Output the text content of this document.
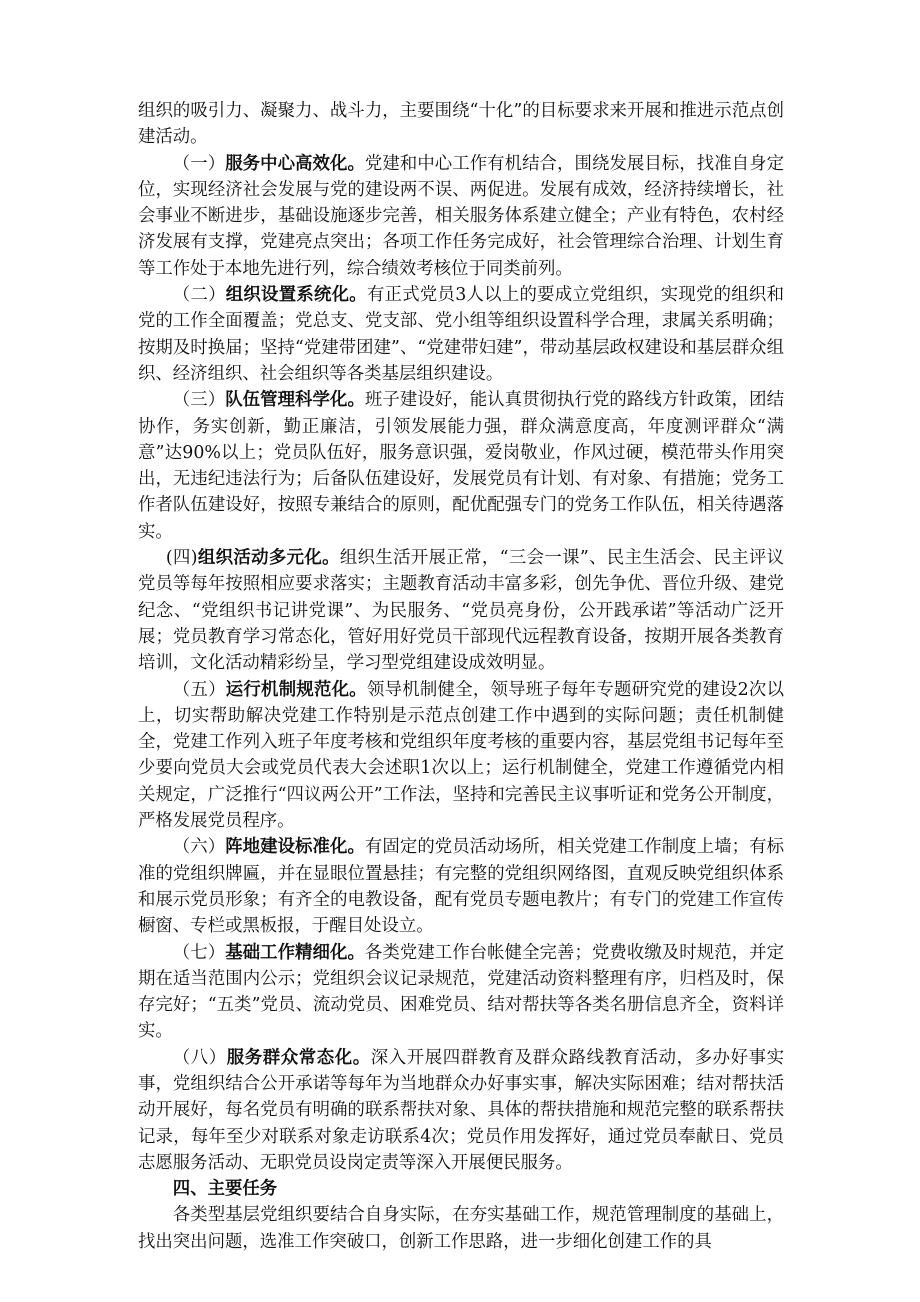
组织的吸引力、凝聚力、战斗力，主要围绕“十化”的目标要求来开展和推进示范点创建活动。

（一）服务中心高效化。党建和中心工作有机结合，围绕发展目标，找准自身定位，实现经济社会发展与党的建设两不误、两促进。发展有成效，经济持续增长，社会事业不断进步，基础设施逐步完善，相关服务体系建立健全；产业有特色，农村经济发展有支撑，党建亮点突出；各项工作任务完成好，社会管理综合治理、计划生育等工作处于本地先进行列，综合绩效考核位于同类前列。

（二）组织设置系统化。有正式党员3人以上的要成立党组织，实现党的组织和党的工作全面覆盖；党总支、党支部、党小组等组织设置科学合理，隶属关系明确；按期及时换届；坚持“党建带团建”、“党建带妇建”，带动基层政权建设和基层群众组织、经济组织、社会组织等各类基层组织建设。

（三）队伍管理科学化。班子建设好，能认真贯彻执行党的路线方针政策，团结协作，务实创新，勤正廉洁，引领发展能力强，群众满意度高，年度测评群众“满意”达90%以上；党员队伍好，服务意识强，爱岗敬业，作风过硬，模范带头作用突出，无违纪违法行为；后备队伍建设好，发展党员有计划、有对象、有措施；党务工作者队伍建设好，按照专兼结合的原则，配优配强专门的党务工作队伍，相关待遇落实。

(四)组织活动多元化。组织生活开展正常，“三会一课”、民主生活会、民主评议党员等每年按照相应要求落实；主题教育活动丰富多彩，创先争优、晋位升级、建党纪念、“党组织书记讲党课”、为民服务、“党员亮身份，公开践承诺”等活动广泛开展；党员教育学习常态化，管好用好党员干部现代远程教育设备，按期开展各类教育培训，文化活动精彩纷呈，学习型党组建设成效明显。

（五）运行机制规范化。领导机制健全，领导班子每年专题研究党的建设2次以上，切实帮助解决党建工作特别是示范点创建工作中遇到的实际问题；责任机制健全，党建工作列入班子年度考核和党组织年度考核的重要内容，基层党组书记每年至少要向党员大会或党员代表大会述职1次以上；运行机制健全，党建工作遵循党内相关规定，广泛推行“四议两公开”工作法，坚持和完善民主议事听证和党务公开制度，严格发展党员程序。

（六）阵地建设标准化。有固定的党员活动场所，相关党建工作制度上墙；有标准的党组织牌匾，并在显眼位置悬挂；有完整的党组织网络图，直观反映党组织体系和展示党员形象；有齐全的电教设备，配有党员专题电教片；有专门的党建工作宣传橱窗、专栏或黑板报，于醒目处设立。

（七）基础工作精细化。各类党建工作台帐健全完善；党费收缴及时规范，并定期在适当范围内公示；党组织会议记录规范，党建活动资料整理有序，归档及时，保存完好；“五类”党员、流动党员、困难党员、结对帮扶等各类名册信息齐全，资料详实。

（八）服务群众常态化。深入开展四群教育及群众路线教育活动，多办好事实事，党组织结合公开承诺等每年为当地群众办好事实事，解决实际困难；结对帮扶活动开展好，每名党员有明确的联系帮扶对象、具体的帮扶措施和规范完整的联系帮扶记录，每年至少对联系对象走访联系4次；党员作用发挥好，通过党员奉献日、党员志愿服务活动、无职党员设岗定责等深入开展便民服务。

四、主要任务

各类型基层党组织要结合自身实际，在夯实基础工作，规范管理制度的基础上，找出突出问题，选准工作突破口，创新工作思路，进一步细化创建工作的具
